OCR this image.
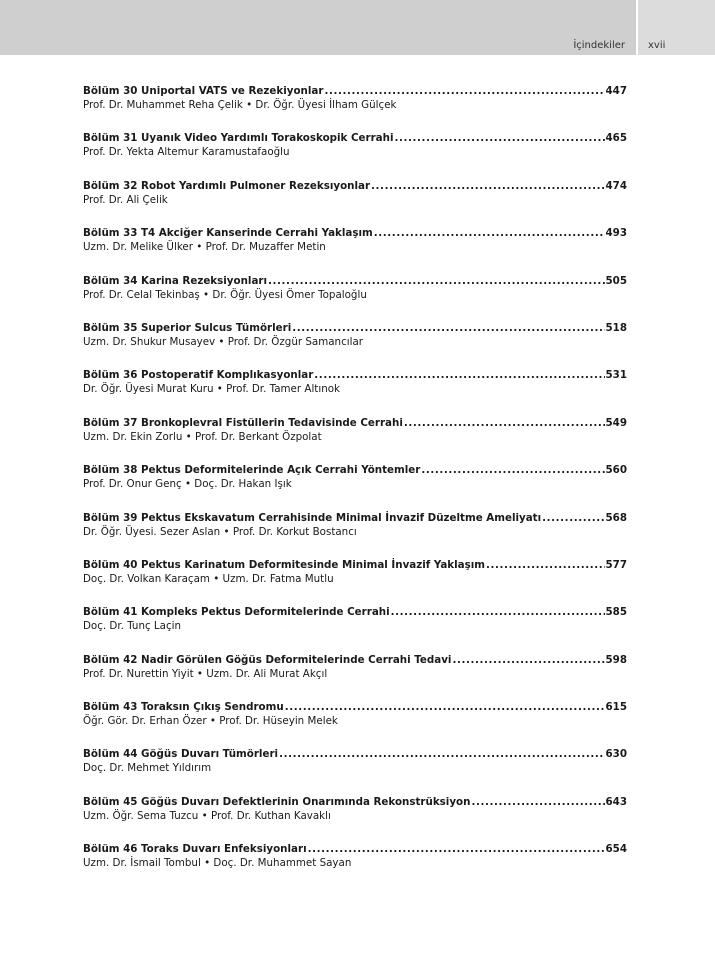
İçindekiler xvii
Bölüm 30 Uniportal VATS ve Rezekiyonlar .....	447
Prof. Dr. Muhammet Reha Çelik • Dr. Öğr. Üyesi İlham Gülçek
Bölüm 31 Uyanık Video Yardımlı Torakoskopik Cerrahi .....	465
Prof. Dr. Yekta Altemur Karamustafaoğlu
Bölüm 32 Robot Yardımlı Pulmoner Rezeksıyonlar .....	474
Prof. Dr. Ali Çelik
Bölüm 33 T4 Akciğer Kanserinde Cerrahi Yaklaşım .....	493
Uzm. Dr. Melike Ülker • Prof. Dr. Muzaffer Metin
Bölüm 34 Karina Rezeksiyonları .....	505
Prof. Dr. Celal Tekinbaş • Dr. Öğr. Üyesi Ömer Topaloğlu
Bölüm 35 Superior Sulcus Tümörleri .....	518
Uzm. Dr. Shukur Musayev • Prof. Dr. Özgür Samancılar
Bölüm 36 Postoperatif Komplıkasyonlar .....	531
Dr. Öğr. Üyesi Murat Kuru • Prof. Dr. Tamer Altınok
Bölüm 37 Bronkoplevral Fistüllerin Tedavisinde Cerrahi .....	549
Uzm. Dr. Ekin Zorlu • Prof. Dr. Berkant Özpolat
Bölüm 38 Pektus Deformitelerinde Açık Cerrahi Yöntemler .....	560
Prof. Dr. Onur Genç • Doç. Dr. Hakan Işık
Bölüm 39 Pektus Ekskavatum Cerrahisinde Minimal İnvazif Düzeltme Ameliyatı .....	568
Dr. Öğr. Üyesi. Sezer Aslan • Prof. Dr. Korkut Bostancı
Bölüm 40 Pektus Karinatum Deformitesinde Minimal İnvazif Yaklaşım .....	577
Doç. Dr. Volkan Karaçam • Uzm. Dr. Fatma Mutlu
Bölüm 41 Kompleks Pektus Deformitelerinde Cerrahi .....	585
Doç. Dr. Tunç Laçin
Bölüm 42 Nadir Görülen Göğüs Deformitelerinde Cerrahi Tedavi .....	598
Prof. Dr. Nurettin Yiyit • Uzm. Dr. Ali Murat Akçıl
Bölüm 43 Toraksın Çıkış Sendromu .....	615
Öğr. Gör. Dr. Erhan Özer • Prof. Dr. Hüseyin Melek
Bölüm 44 Göğüs Duvarı Tümörleri .....	630
Doç. Dr. Mehmet Yıldırım
Bölüm 45 Göğüs Duvarı Defektlerinin Onarımında Rekonstrüksiyon .....	643
Uzm. Öğr. Sema Tuzcu • Prof. Dr. Kuthan Kavaklı
Bölüm 46 Toraks Duvarı Enfeksiyonları .....	654
Uzm. Dr. İsmail Tombul • Doç. Dr. Muhammet Sayan
